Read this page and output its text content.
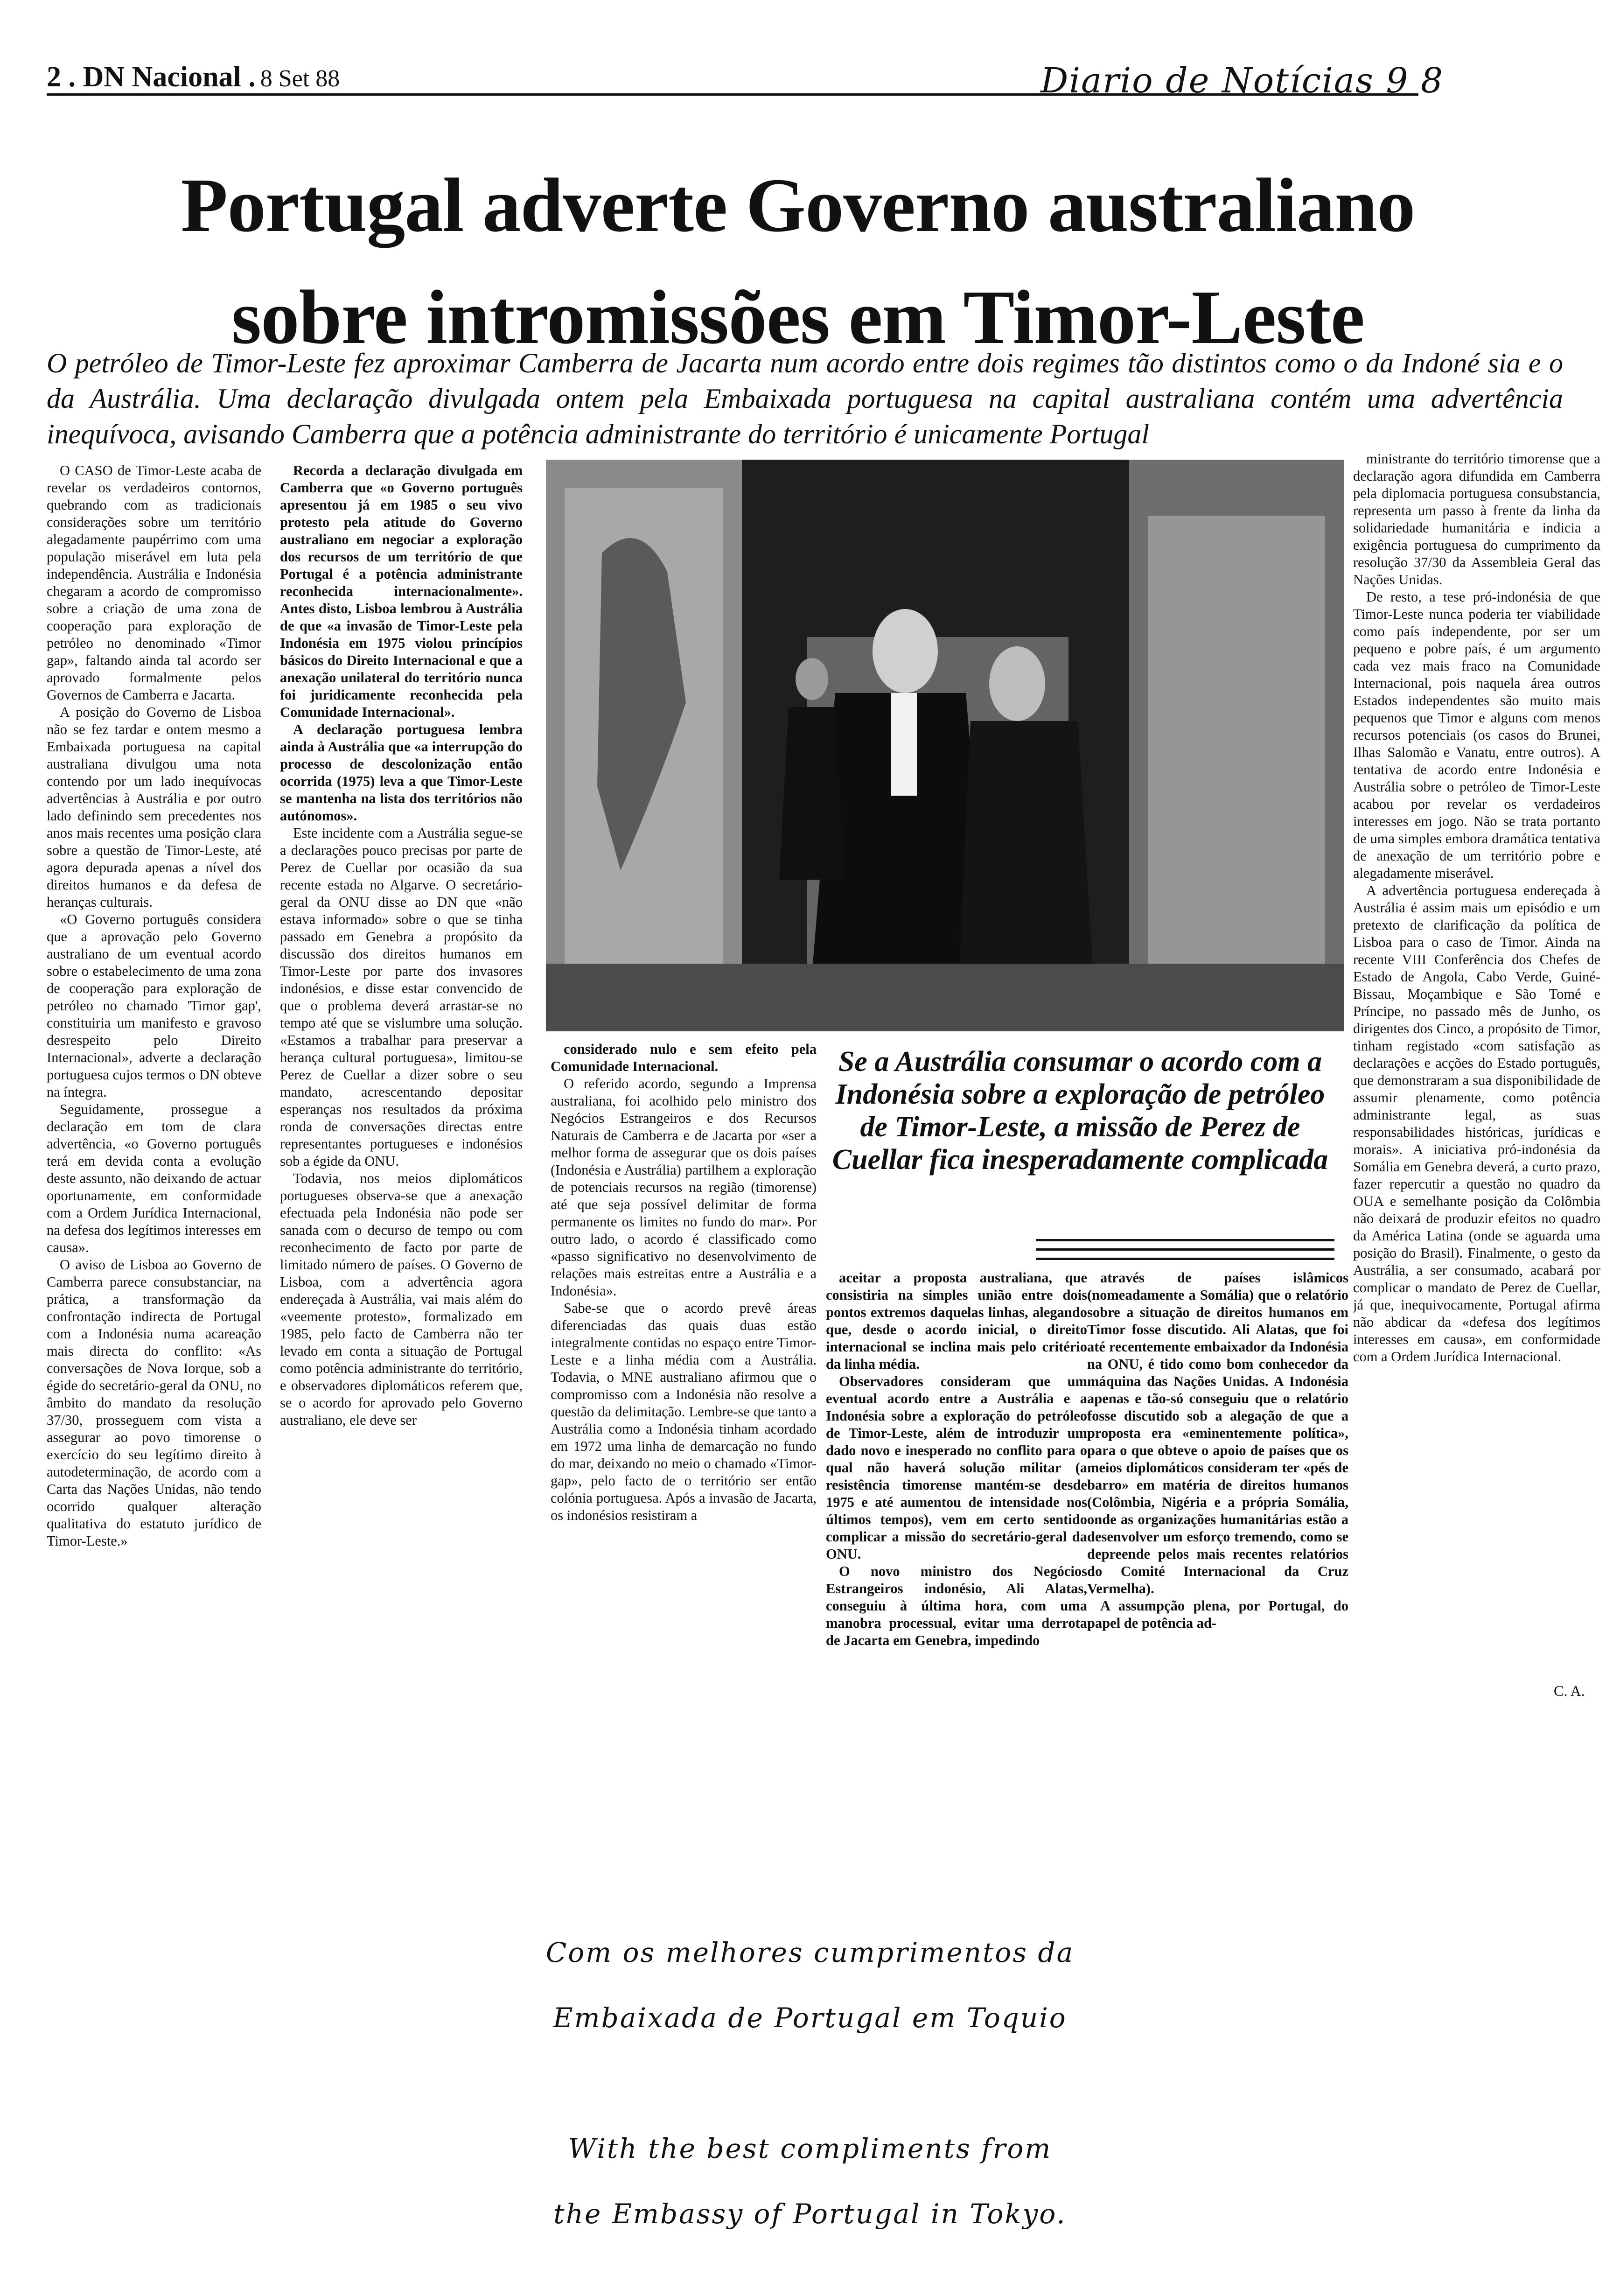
2 . DN Nacional . 8 Set 88	Diario de Notícias 9 8
Portugal adverte Governo australiano
sobre intromissões em Timor-Leste
O petróleo de Timor-Leste fez aproximar Camberra de Jacarta num acordo entre dois regimes tão distintos como o da Indoné sia e o da Austrália. Uma declaração divulgada ontem pela Embaixada portuguesa na capital australiana contém uma advertência inequívoca, avisando Camberra que a potência administrante do território é unicamente Portugal

O CASO de Timor-Leste acaba de revelar os verdadeiros contornos, quebrando com as tradicionais considerações sobre um território alegadamente paupérrimo com uma população miserável em luta pela independência. Austrália e Indonésia chegaram a acordo de compromisso sobre a criação de uma zona de cooperação para exploração de petróleo no denominado «Timor gap», faltando ainda tal acordo ser aprovado formalmente pelos Governos de Camberra e Jacarta.

A posição do Governo de Lisboa não se fez tardar e ontem mesmo a Embaixada portuguesa na capital australiana divulgou uma nota contendo por um lado inequívocas advertências à Austrália e por outro lado definindo sem precedentes nos anos mais recentes uma posição clara sobre a questão de Timor-Leste, até agora depurada apenas a nível dos direitos humanos e da defesa de heranças culturais.

«O Governo português considera que a aprovação pelo Governo australiano de um eventual acordo sobre o estabelecimento de uma zona de cooperação para exploração de petróleo no chamado 'Timor gap', constituiria um manifesto e gravoso desrespeito pelo Direito Internacional», adverte a declaração portuguesa cujos termos o DN obteve na íntegra.

Seguidamente, prossegue a declaração em tom de clara advertência, «o Governo português terá em devida conta a evolução deste assunto, não deixando de actuar oportunamente, em conformidade com a Ordem Jurídica Internacional, na defesa dos legítimos interesses em causa».

O aviso de Lisboa ao Governo de Camberra parece consubstanciar, na prática, a transformação da confrontação indirecta de Portugal com a Indonésia numa acareação mais directa do conflito: «As conversações de Nova Iorque, sob a égide do secretário-geral da ONU, no âmbito do mandato da resolução 37/30, prosseguem com vista a assegurar ao povo timorense o exercício do seu legítimo direito à autodeterminação, de acordo com a Carta das Nações Unidas, não tendo ocorrido qualquer alteração qualitativa do estatuto jurídico de Timor-Leste.»

Recorda a declaração divulgada em Camberra que «o Governo português apresentou já em 1985 o seu vivo protesto pela atitude do Governo australiano em negociar a exploração dos recursos de um território de que Portugal é a potência administrante reconhecida internacionalmente». Antes disto, Lisboa lembrou à Austrália de que «a invasão de Timor-Leste pela Indonésia em 1975 violou princípios básicos do Direito Internacional e que a anexação unilateral do território nunca foi juridicamente reconhecida pela Comunidade Internacional».

A declaração portuguesa lembra ainda à Austrália que «a interrupção do processo de descolonização então ocorrida (1975) leva a que Timor-Leste se mantenha na lista dos territórios não autónomos».

Este incidente com a Austrália segue-se a declarações pouco precisas por parte de Perez de Cuellar por ocasião da sua recente estada no Algarve. O secretário-geral da ONU disse ao DN que «não estava informado» sobre o que se tinha passado em Genebra a propósito da discussão dos direitos humanos em Timor-Leste por parte dos invasores indonésios, e disse estar convencido de que o problema deverá arrastar-se no tempo até que se vislumbre uma solução. «Estamos a trabalhar para preservar a herança cultural portuguesa», limitou-se Perez de Cuellar a dizer sobre o seu mandato, acrescentando depositar esperanças nos resultados da próxima ronda de conversações directas entre representantes portugueses e indonésios sob a égide da ONU.

Todavia, nos meios diplomáticos portugueses observa-se que a anexação efectuada pela Indonésia não pode ser sanada com o decurso de tempo ou com reconhecimento de facto por parte de limitado número de países. O Governo de Lisboa, com a advertência agora endereçada à Austrália, vai mais além do «veemente protesto», formalizado em 1985, pelo facto de Camberra não ter levado em conta a situação de Portugal como potência administrante do território, e observadores diplomáticos referem que, se o acordo for aprovado pelo Governo australiano, ele deve ser

considerado nulo e sem efeito pela Comunidade Internacional.

O referido acordo, segundo a Imprensa australiana, foi acolhido pelo ministro dos Negócios Estrangeiros e dos Recursos Naturais de Camberra e de Jacarta por «ser a melhor forma de assegurar que os dois países (Indonésia e Austrália) partilhem a exploração de potenciais recursos na região (timorense) até que seja possível delimitar de forma permanente os limites no fundo do mar». Por outro lado, o acordo é classificado como «passo significativo no desenvolvimento de relações mais estreitas entre a Austrália e a Indonésia».

Sabe-se que o acordo prevê áreas diferenciadas das quais duas estão integralmente contidas no espaço entre Timor-Leste e a linha média com a Austrália. Todavia, o MNE australiano afirmou que o compromisso com a Indonésia não resolve a questão da delimitação. Lembre-se que tanto a Austrália como a Indonésia tinham acordado em 1972 uma linha de demarcação no fundo do mar, deixando no meio o chamado «Timor-gap», pelo facto de o território ser então colónia portuguesa. Após a invasão de Jacarta, os indonésios resistiram a

Se a Austrália consumar o acordo com a Indonésia sobre a exploração de petróleo de Timor-Leste, a missão de Perez de Cuellar fica inesperadamente complicada

aceitar a proposta australiana, que consistiria na simples união entre dois pontos extremos daquelas linhas, alegando que, desde o acordo inicial, o direito internacional se inclina mais pelo critério da linha média.

Observadores consideram que um eventual acordo entre a Austrália e a Indonésia sobre a exploração do petróleo de Timor-Leste, além de introduzir um dado novo e inesperado no conflito para o qual não haverá solução militar (a resistência timorense mantém-se desde 1975 e até aumentou de intensidade nos últimos tempos), vem em certo sentido complicar a missão do secretário-geral da ONU.

O novo ministro dos Negócios Estrangeiros indonésio, Ali Alatas, conseguiu à última hora, com uma manobra processual, evitar uma derrota de Jacarta em Genebra, impedindo

através de países islâmicos (nomeadamente a Somália) que o relatório sobre a situação de direitos humanos em Timor fosse discutido. Ali Alatas, que foi até recentemente embaixador da Indonésia na ONU, é tido como bom conhecedor da máquina das Nações Unidas. A Indonésia apenas e tão-só conseguiu que o relatório fosse discutido sob a alegação de que a proposta era «eminentemente política», para o que obteve o apoio de países que os meios diplomáticos consideram ter «pés de barro» em matéria de direitos humanos (Colômbia, Nigéria e a própria Somália, onde as organizações humanitárias estão a desenvolver um esforço tremendo, como se depreende pelos mais recentes relatórios do Comité Internacional da Cruz Vermelha).

A assumpção plena, por Portugal, do papel de potência ad-

ministrante do território timorense que a declaração agora difundida em Camberra pela diplomacia portuguesa consubstancia, representa um passo à frente da linha da solidariedade humanitária e indicia a exigência portuguesa do cumprimento da resolução 37/30 da Assembleia Geral das Nações Unidas.

De resto, a tese pró-indonésia de que Timor-Leste nunca poderia ter viabilidade como país independente, por ser um pequeno e pobre país, é um argumento cada vez mais fraco na Comunidade Internacional, pois naquela área outros Estados independentes são muito mais pequenos que Timor e alguns com menos recursos potenciais (os casos do Brunei, Ilhas Salomão e Vanatu, entre outros). A tentativa de acordo entre Indonésia e Austrália sobre o petróleo de Timor-Leste acabou por revelar os verdadeiros interesses em jogo. Não se trata portanto de uma simples embora dramática tentativa de anexação de um território pobre e alegadamente miserável.

A advertência portuguesa endereçada à Austrália é assim mais um episódio e um pretexto de clarificação da política de Lisboa para o caso de Timor. Ainda na recente VIII Conferência dos Chefes de Estado de Angola, Cabo Verde, Guiné-Bissau, Moçambique e São Tomé e Príncipe, no passado mês de Junho, os dirigentes dos Cinco, a propósito de Timor, tinham registado «com satisfação as declarações e acções do Estado português, que demonstraram a sua disponibilidade de assumir plenamente, como potência administrante legal, as suas responsabilidades históricas, jurídicas e morais». A iniciativa pró-indonésia da Somália em Genebra deverá, a curto prazo, fazer repercutir a questão no quadro da OUA e semelhante posição da Colômbia não deixará de produzir efeitos no quadro da América Latina (onde se aguarda uma posição do Brasil). Finalmente, o gesto da Austrália, a ser consumado, acabará por complicar o mandato de Perez de Cuellar, já que, inequivocamente, Portugal afirma não abdicar da «defesa dos legítimos interesses em causa», em conformidade com a Ordem Jurídica Internacional.

C. A.
Com os melhores cumprimentos da
Embaixada de Portugal em Toquio
With the best compliments from
the Embassy of Portugal in Tokyo.
